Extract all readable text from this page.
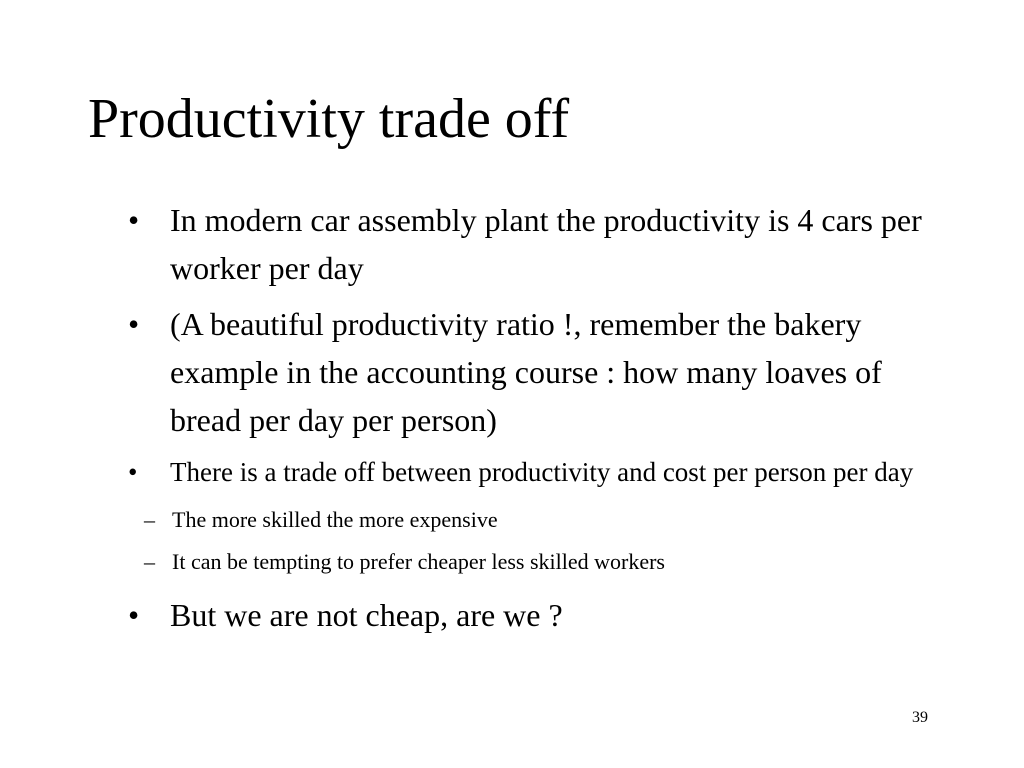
Productivity trade off
• In modern car assembly plant the productivity is 4 cars per worker per day
• (A beautiful productivity ratio !, remember the bakery example in the accounting course : how many loaves of bread per day per person)
• There is a trade off between productivity and cost per person per day
– The more skilled the more expensive
– It can be tempting to prefer cheaper less skilled workers
• But we are not cheap, are we ?
39
